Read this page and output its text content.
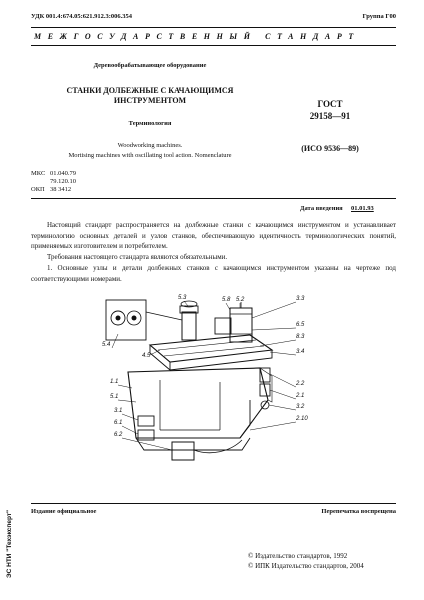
УДК 001.4:674.05:621.912.3:006.354	Группа Г00
МЕЖГОСУДАРСТВЕННЫЙ СТАНДАРТ
Деревообрабатывающее оборудование
СТАНКИ ДОЛБЕЖНЫЕ С КАЧАЮЩИМСЯ
ИНСТРУМЕНТОМ
Терминология
Woodworking machines.
Mortising machines with oscillating tool action. Nomenclature
ГОСТ
29158—91
(ИСО 9536—89)
МКС 01.040.79
79.120.10
ОКП 38 3412
Дата введения 01.01.93
Настоящий стандарт распространяется на долбежные станки с качающимся инструментом и устанавливает терминологию основных деталей и узлов станков, обеспечивающую идентичность терминологических понятий, применяемых изготовителем и потребителем.
Требования настоящего стандарта являются обязательными.
1. Основные узлы и детали долбежных станков с качающимся инструментом указаны на чертеже под соответствующими номерами.
5.3	5.8 5.2	3.3
5.4
6.5
8.3
4.5
3.4
1.1	2.2
5.1	2.1
3.2
3.1
2.10
6.1
6.2
Издание официальное	Перепечатка воспрещена
© Издательство стандартов, 1992
© ИПК Издательство стандартов, 2004
ЭС НТИ "Техэксперт"
